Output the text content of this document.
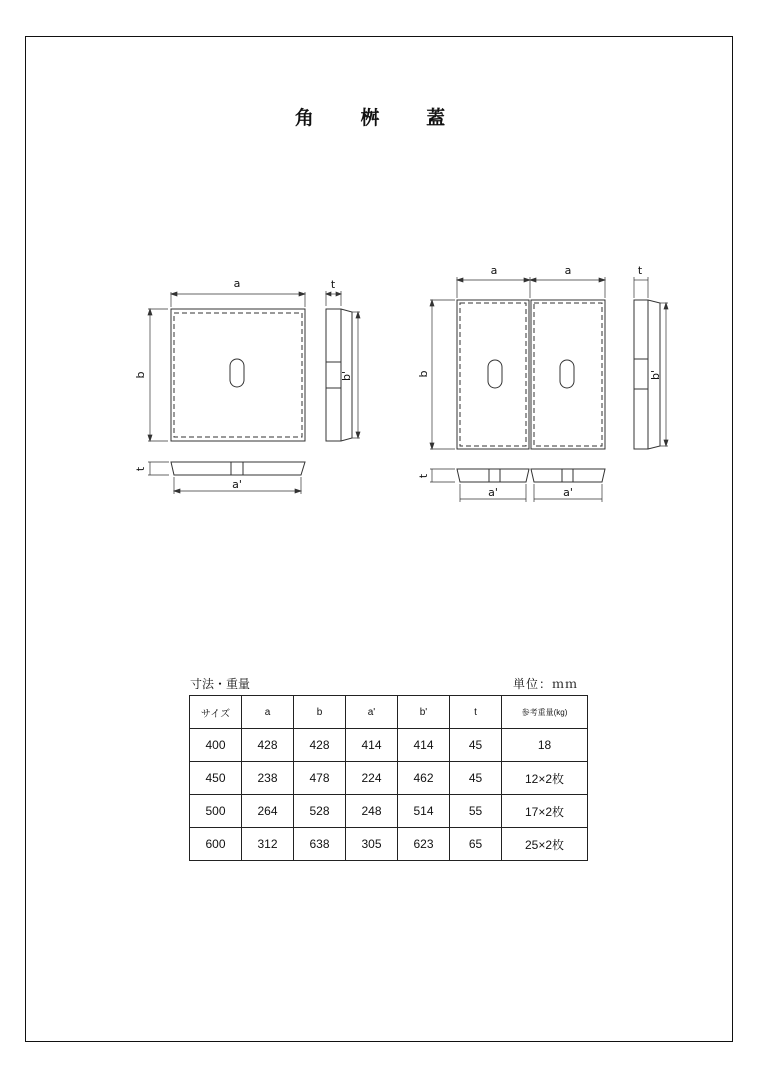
角 桝 蓋
a
b
t
b'
t
a'
a	a	t
b	b'
t
a'	a'
寸法・重量	単位：ｍｍ
サイズ	a	b	a'	b'	t	参考重量(kg)
400	428	428	414	414	45	18
450	238	478	224	462	45	12×2枚
500	264	528	248	514	55	17×2枚
600	312	638	305	623	65	25×2枚
